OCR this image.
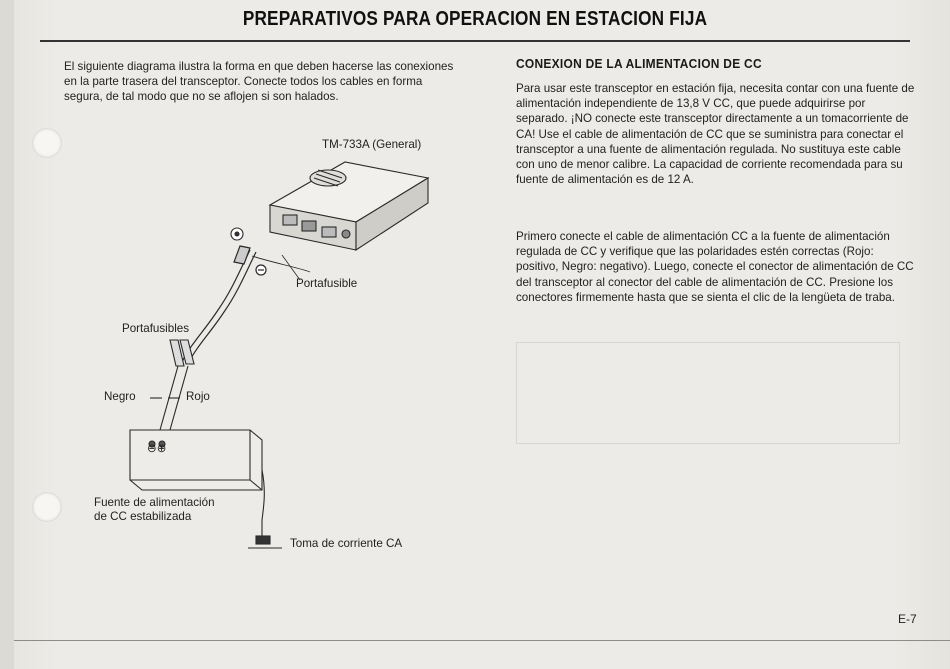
PREPARATIVOS PARA OPERACION EN ESTACION FIJA
El siguiente diagrama ilustra la forma en que deben hacerse las conexiones en la parte trasera del transceptor. Conecte todos los cables en forma segura, de tal modo que no se aflojen si son halados.
TM-733A (General)
Portafusible
Portafusibles
Negro	Rojo
⊖⊕
Fuente de alimentación
de CC estabilizada
Toma de corriente CA
CONEXION DE LA ALIMENTACION DE CC
Para usar este transceptor en estación fija, necesita contar con una fuente de alimentación independiente de 13,8 V CC, que puede adquirirse por separado. ¡NO conecte este transceptor directamente a un tomacorriente de CA! Use el cable de alimentación de CC que se suministra para conectar el transceptor a una fuente de alimentación regulada. No sustituya este cable con uno de menor calibre. La capacidad de corriente recomendada para su fuente de alimentación es de 12 A.
Primero conecte el cable de alimentación CC a la fuente de alimentación regulada de CC y verifique que las polaridades estén correctas (Rojo: positivo, Negro: negativo). Luego, conecte el conector de alimentación de CC del transceptor al conector del cable de alimentación de CC. Presione los conectores firmemente hasta que se sienta el clic de la lengüeta de traba.
E-7
